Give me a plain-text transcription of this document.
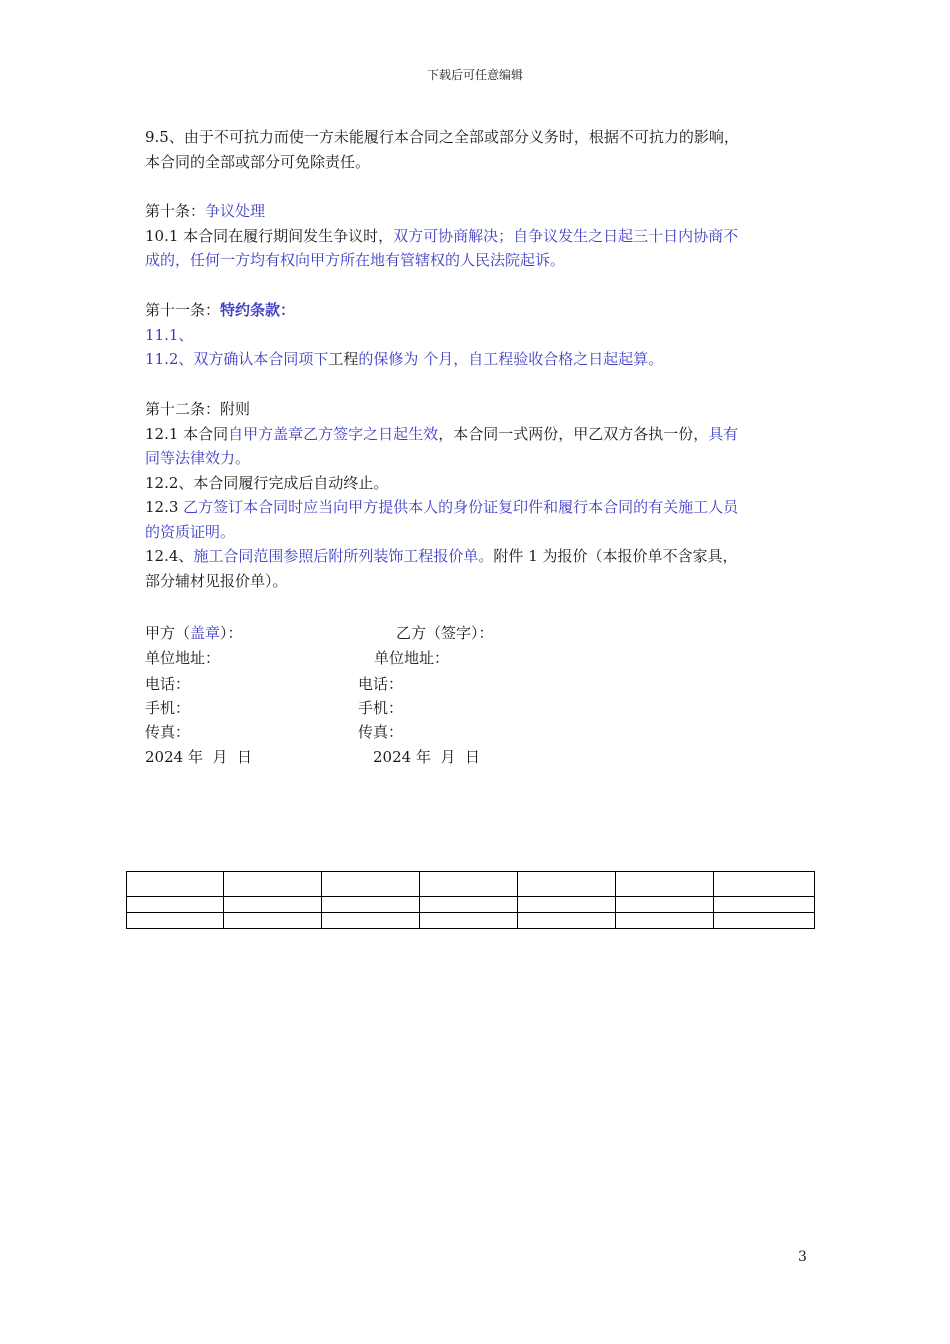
下载后可任意编辑
9.5、由于不可抗力而使一方未能履行本合同之全部或部分义务时，根据不可抗力的影响，
本合同的全部或部分可免除责任。
第十条：争议处理
10.1 本合同在履行期间发生争议时，双方可协商解决；自争议发生之日起三十日内协商不
成的，任何一方均有权向甲方所在地有管辖权的人民法院起诉。
第十一条：特约条款：
11.1、
11.2、双方确认本合同项下工程的保修为 个月，自工程验收合格之日起起算。
第十二条：附则
12.1 本合同自甲方盖章乙方签字之日起生效，本合同一式两份，甲乙双方各执一份，具有
同等法律效力。
12.2、本合同履行完成后自动终止。
12.3 乙方签订本合同时应当向甲方提供本人的身份证复印件和履行本合同的有关施工人员
的资质证明。
12.4、施工合同范围参照后附所列装饰工程报价单。附件 1 为报价（本报价单不含家具，
部分辅材见报价单）。
甲方（盖章）：	乙方（签字）：
单位地址：	单位地址：
电话：	电话：
手机：	手机：
传真：	传真：
2024 年  月  日	2024 年  月  日

3
